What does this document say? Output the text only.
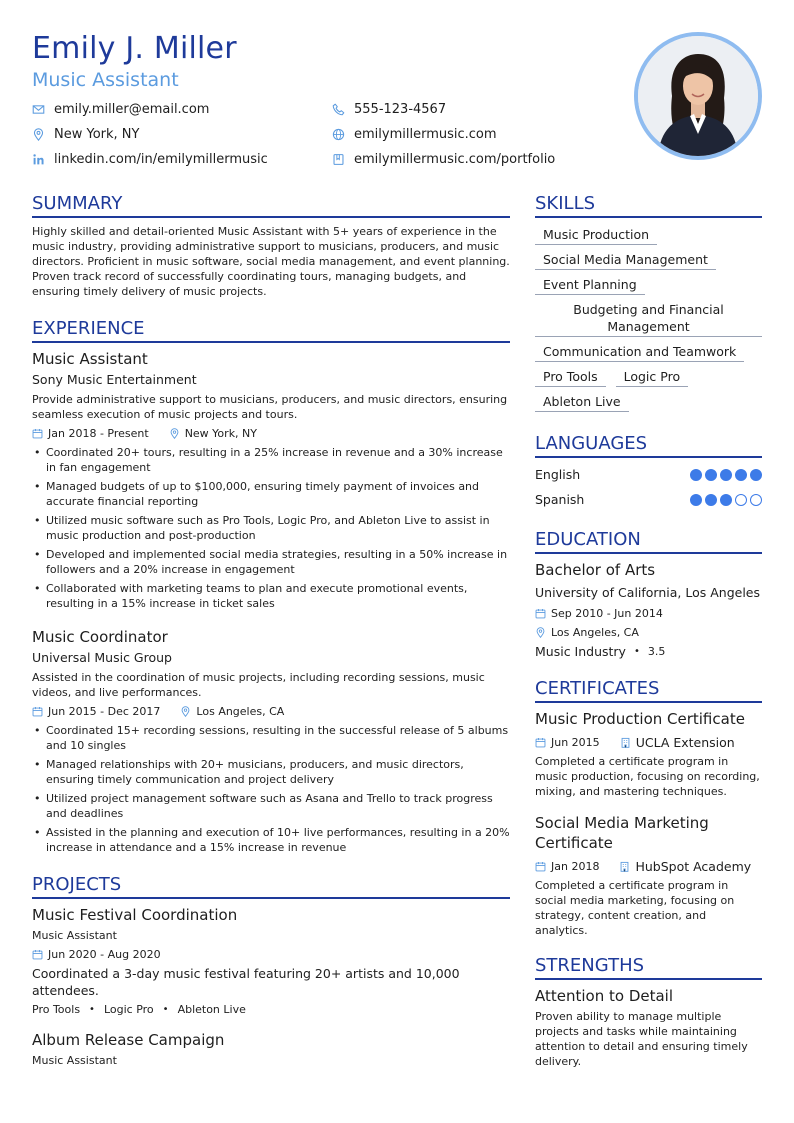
Emily J. Miller
Music Assistant
emily.miller@email.com	555-123-4567
New York, NY	emilymillermusic.com
linkedin.com/in/emilymillermusic	emilymillermusic.com/portfolio
SUMMARY
Highly skilled and detail-oriented Music Assistant with 5+ years of experience in the music industry, providing administrative support to musicians, producers, and music directors. Proficient in music software, social media management, and event planning. Proven track record of successfully coordinating tours, managing budgets, and ensuring timely delivery of music projects.
EXPERIENCE
Music Assistant
Sony Music Entertainment
Provide administrative support to musicians, producers, and music directors, ensuring seamless execution of music projects and tours.
Jan 2018 - Present	New York, NY
• Coordinated 20+ tours, resulting in a 25% increase in revenue and a 30% increase in fan engagement
• Managed budgets of up to $100,000, ensuring timely payment of invoices and accurate financial reporting
• Utilized music software such as Pro Tools, Logic Pro, and Ableton Live to assist in music production and post-production
• Developed and implemented social media strategies, resulting in a 50% increase in followers and a 20% increase in engagement
• Collaborated with marketing teams to plan and execute promotional events, resulting in a 15% increase in ticket sales
Music Coordinator
Universal Music Group
Assisted in the coordination of music projects, including recording sessions, music videos, and live performances.
Jun 2015 - Dec 2017	Los Angeles, CA
• Coordinated 15+ recording sessions, resulting in the successful release of 5 albums and 10 singles
• Managed relationships with 20+ musicians, producers, and music directors, ensuring timely communication and project delivery
• Utilized project management software such as Asana and Trello to track progress and deadlines
• Assisted in the planning and execution of 10+ live performances, resulting in a 20% increase in attendance and a 15% increase in revenue
PROJECTS
Music Festival Coordination
Music Assistant
Jun 2020 - Aug 2020
Coordinated a 3-day music festival featuring 20+ artists and 10,000 attendees.
Pro Tools • Logic Pro • Ableton Live
Album Release Campaign
Music Assistant
SKILLS
Music Production
Social Media Management
Event Planning
Budgeting and Financial Management
Communication and Teamwork
Pro Tools	Logic Pro
Ableton Live
LANGUAGES
English
Spanish
EDUCATION
Bachelor of Arts
University of California, Los Angeles
Sep 2010 - Jun 2014
Los Angeles, CA
Music Industry • 3.5
CERTIFICATES
Music Production Certificate
Jun 2015	UCLA Extension
Completed a certificate program in music production, focusing on recording, mixing, and mastering techniques.
Social Media Marketing Certificate
Jan 2018	HubSpot Academy
Completed a certificate program in social media marketing, focusing on strategy, content creation, and analytics.
STRENGTHS
Attention to Detail
Proven ability to manage multiple projects and tasks while maintaining attention to detail and ensuring timely delivery.
